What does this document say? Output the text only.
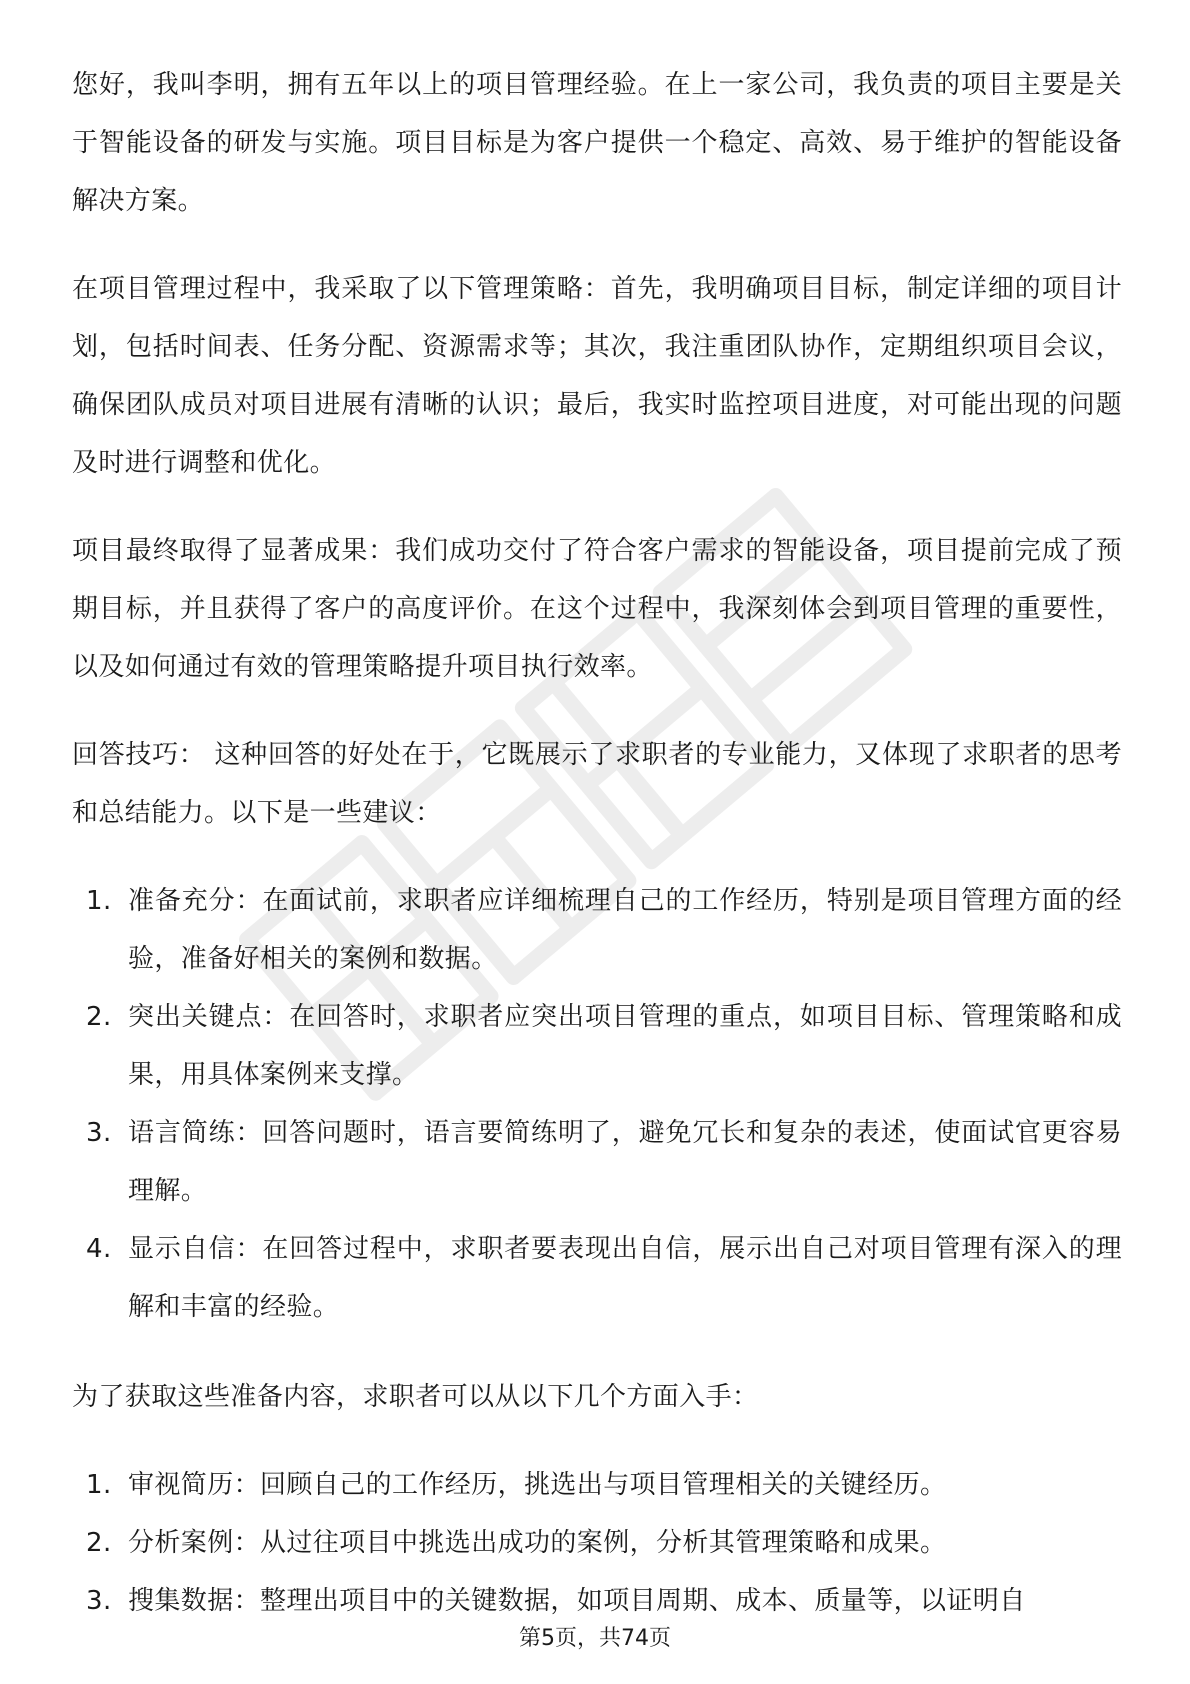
您好，我叫李明，拥有五年以上的项目管理经验。在上一家公司，我负责的项目主要是关于智能设备的研发与实施。项目目标是为客户提供一个稳定、高效、易于维护的智能设备解决方案。

在项目管理过程中，我采取了以下管理策略：首先，我明确项目目标，制定详细的项目计划，包括时间表、任务分配、资源需求等；其次，我注重团队协作，定期组织项目会议，确保团队成员对项目进展有清晰的认识；最后，我实时监控项目进度，对可能出现的问题及时进行调整和优化。

项目最终取得了显著成果：我们成功交付了符合客户需求的智能设备，项目提前完成了预期目标，并且获得了客户的高度评价。在这个过程中，我深刻体会到项目管理的重要性，以及如何通过有效的管理策略提升项目执行效率。

回答技巧： 这种回答的好处在于，它既展示了求职者的专业能力，又体现了求职者的思考和总结能力。以下是一些建议：

1. 准备充分：在面试前，求职者应详细梳理自己的工作经历，特别是项目管理方面的经验，准备好相关的案例和数据。
2. 突出关键点：在回答时，求职者应突出项目管理的重点，如项目目标、管理策略和成果，用具体案例来支撑。
3. 语言简练：回答问题时，语言要简练明了，避免冗长和复杂的表述，使面试官更容易理解。
4. 显示自信：在回答过程中，求职者要表现出自信，展示出自己对项目管理有深入的理解和丰富的经验。

为了获取这些准备内容，求职者可以从以下几个方面入手：

1. 审视简历：回顾自己的工作经历，挑选出与项目管理相关的关键经历。
2. 分析案例：从过往项目中挑选出成功的案例，分析其管理策略和成果。
3. 搜集数据：整理出项目中的关键数据，如项目周期、成本、质量等，以证明自
第5页，共74页
